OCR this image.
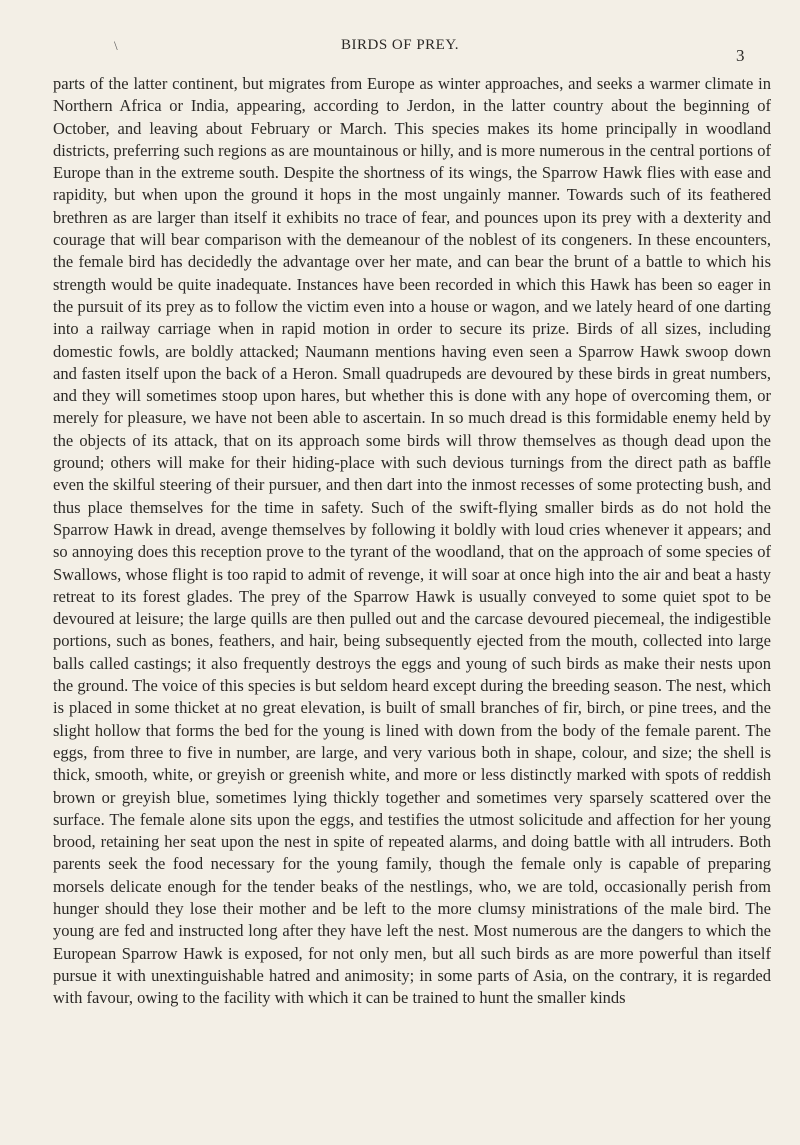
\	BIRDS OF PREY.
3

parts of the latter continent, but migrates from Europe as winter approaches, and seeks a warmer climate in Northern Africa or India, appearing, according to Jerdon, in the latter country about the beginning of October, and leaving about February or March. This species makes its home principally in woodland districts, preferring such regions as are mountainous or hilly, and is more numerous in the central portions of Europe than in the extreme south. Despite the shortness of its wings, the Sparrow Hawk flies with ease and rapidity, but when upon the ground it hops in the most ungainly manner. Towards such of its feathered brethren as are larger than itself it exhibits no trace of fear, and pounces upon its prey with a dexterity and courage that will bear comparison with the demeanour of the noblest of its congeners. In these encounters, the female bird has decidedly the advantage over her mate, and can bear the brunt of a battle to which his strength would be quite inadequate. Instances have been recorded in which this Hawk has been so eager in the pursuit of its prey as to follow the victim even into a house or wagon, and we lately heard of one darting into a railway carriage when in rapid motion in order to secure its prize. Birds of all sizes, including domestic fowls, are boldly attacked; Naumann mentions having even seen a Sparrow Hawk swoop down and fasten itself upon the back of a Heron. Small quadrupeds are devoured by these birds in great numbers, and they will sometimes stoop upon hares, but whether this is done with any hope of overcoming them, or merely for pleasure, we have not been able to ascertain. In so much dread is this formidable enemy held by the objects of its attack, that on its approach some birds will throw themselves as though dead upon the ground; others will make for their hiding-place with such devious turnings from the direct path as baffle even the skilful steering of their pursuer, and then dart into the inmost recesses of some protecting bush, and thus place themselves for the time in safety. Such of the swift-flying smaller birds as do not hold the Sparrow Hawk in dread, avenge themselves by following it boldly with loud cries whenever it appears; and so annoying does this reception prove to the tyrant of the woodland, that on the approach of some species of Swallows, whose flight is too rapid to admit of revenge, it will soar at once high into the air and beat a hasty retreat to its forest glades. The prey of the Sparrow Hawk is usually conveyed to some quiet spot to be devoured at leisure; the large quills are then pulled out and the carcase devoured piecemeal, the indigestible portions, such as bones, feathers, and hair, being subsequently ejected from the mouth, collected into large balls called castings; it also frequently destroys the eggs and young of such birds as make their nests upon the ground. The voice of this species is but seldom heard except during the breeding season. The nest, which is placed in some thicket at no great elevation, is built of small branches of fir, birch, or pine trees, and the slight hollow that forms the bed for the young is lined with down from the body of the female parent. The eggs, from three to five in number, are large, and very various both in shape, colour, and size; the shell is thick, smooth, white, or greyish or greenish white, and more or less distinctly marked with spots of reddish brown or greyish blue, sometimes lying thickly together and sometimes very sparsely scattered over the surface. The female alone sits upon the eggs, and testifies the utmost solicitude and affection for her young brood, retaining her seat upon the nest in spite of repeated alarms, and doing battle with all intruders. Both parents seek the food necessary for the young family, though the female only is capable of preparing morsels delicate enough for the tender beaks of the nestlings, who, we are told, occasionally perish from hunger should they lose their mother and be left to the more clumsy ministrations of the male bird. The young are fed and instructed long after they have left the nest. Most numerous are the dangers to which the European Sparrow Hawk is exposed, for not only men, but all such birds as are more powerful than itself pursue it with unextinguishable hatred and animosity; in some parts of Asia, on the contrary, it is regarded with favour, owing to the facility with which it can be trained to hunt the smaller kinds
